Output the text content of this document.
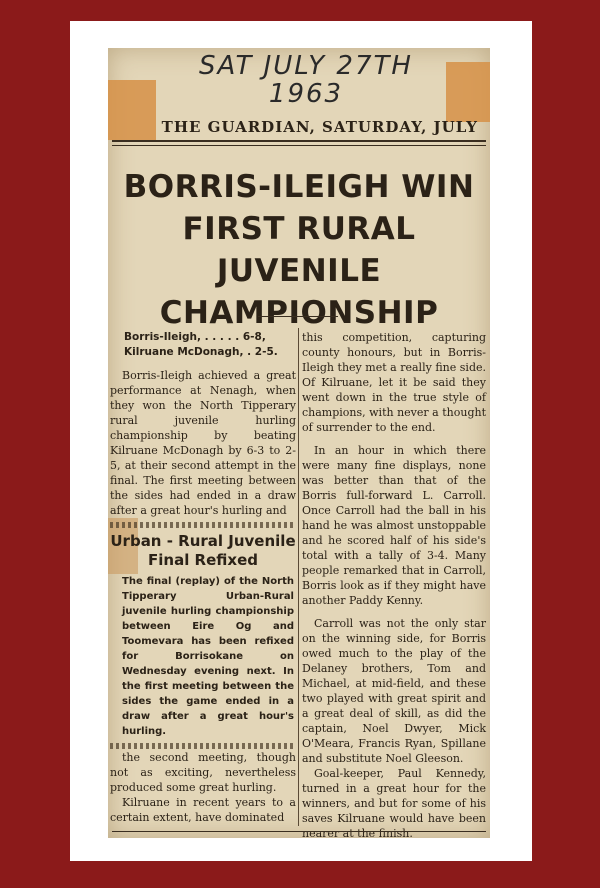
SAT JULY 27TH 1963
THE GUARDIAN, SATURDAY, JULY
BORRIS-ILEIGH WIN FIRST RURAL JUVENILE CHAMPIONSHIP
Borris-Ileigh, . . . . . 6-8,
Kilruane McDonagh, . 2-5.

Borris-Ileigh achieved a great performance at Nenagh, when they won the North Tipperary rural juvenile hurling championship by beating Kilruane McDonagh by 6-3 to 2-5, at their second attempt in the final. The first meeting between the sides had ended in a draw after a great hour's hurling and

Urban - Rural Juvenile Final Refixed
The final (replay) of the North Tipperary Urban-Rural juvenile hurling championship between Eire Og and Toomevara has been refixed for Borrisokane on Wednesday evening next. In the first meeting between the sides the game ended in a draw after a great hour's hurling.

the second meeting, though not as exciting, nevertheless produced some great hurling.

Kilruane in recent years to a certain extent, have dominated

this competition, capturing county honours, but in Borris-Ileigh they met a really fine side. Of Kilruane, let it be said they went down in the true style of champions, with never a thought of surrender to the end.

In an hour in which there were many fine displays, none was better than that of the Borris full-forward L. Carroll. Once Carroll had the ball in his hand he was almost unstoppable and he scored half of his side's total with a tally of 3-4. Many people remarked that in Carroll, Borris look as if they might have another Paddy Kenny.

Carroll was not the only star on the winning side, for Borris owed much to the play of the Delaney brothers, Tom and Michael, at mid-field, and these two played with great spirit and a great deal of skill, as did the captain, Noel Dwyer, Mick O'Meara, Francis Ryan, Spillane and substitute Noel Gleeson.

Goal-keeper, Paul Kennedy, turned in a great hour for the winners, and but for some of his saves Kilruane would have been nearer at the finish.
